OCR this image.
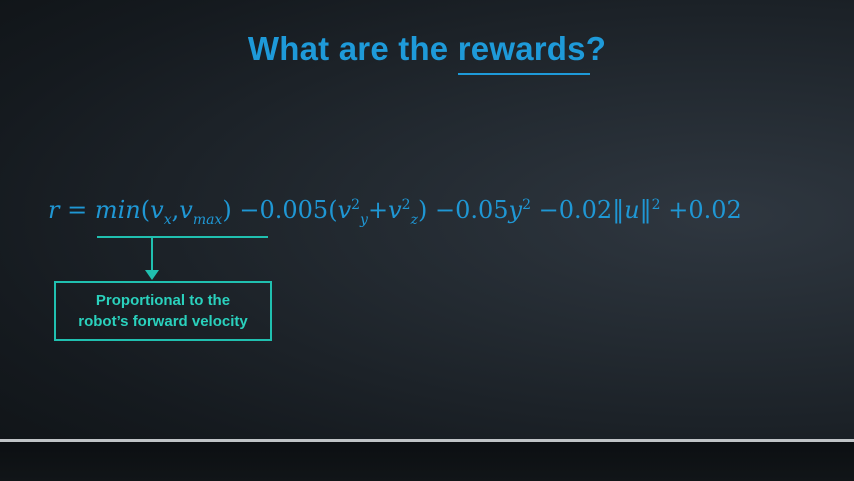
What are the rewards?
$r = \min(v_x,v_{max}) -0.005(v^2_y+v^2_z) -0.05y^2$ −0.02‖u‖$^2$ +0.02
Proportional to the
robot’s forward velocity
